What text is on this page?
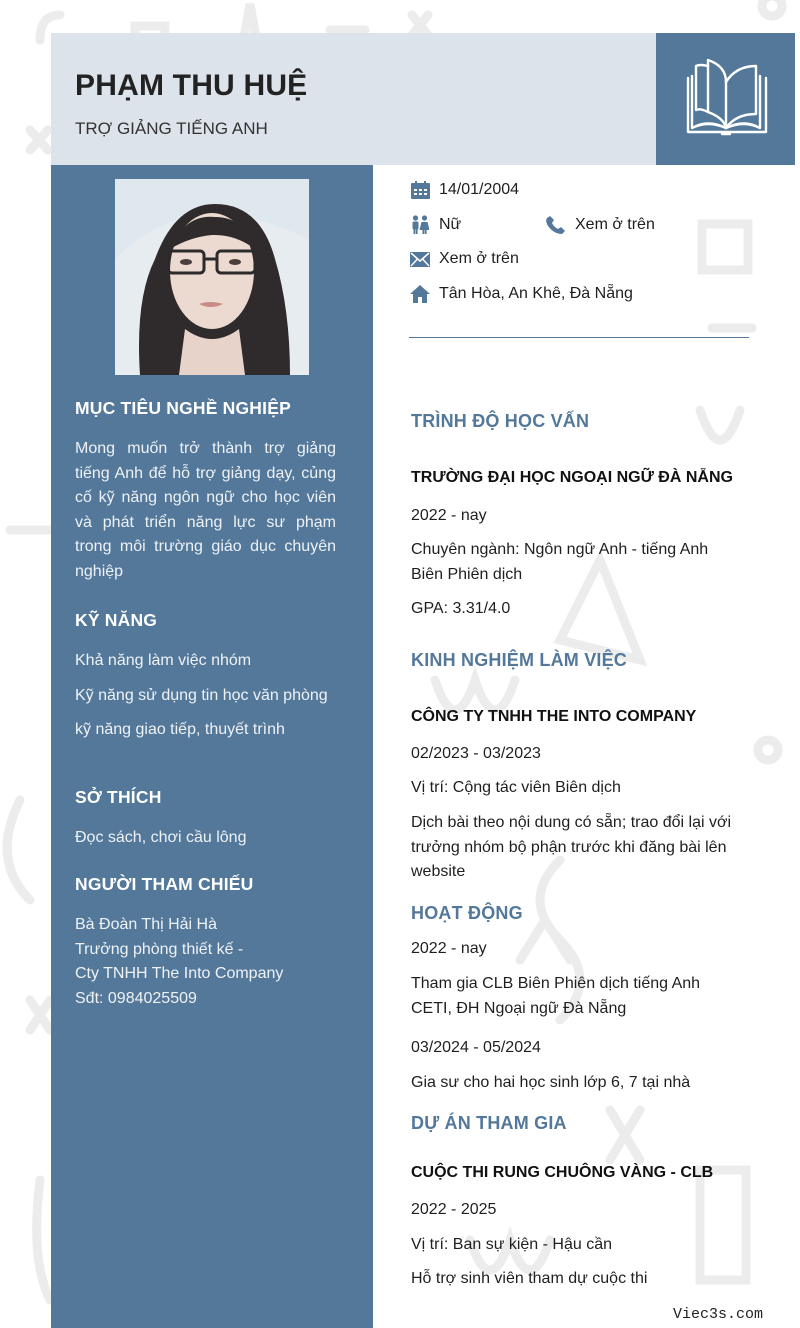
PHẠM THU HUỆ
TRỢ GIẢNG TIẾNG ANH
MỤC TIÊU NGHỀ NGHIỆP
Mong muốn trở thành trợ giảng tiếng Anh để hỗ trợ giảng dạy, củng cố kỹ năng ngôn ngữ cho học viên và phát triển năng lực sư phạm trong môi trường giáo dục chuyên nghiệp
KỸ NĂNG
Khả năng làm việc nhóm
Kỹ năng sử dụng tin học văn phòng
kỹ năng giao tiếp, thuyết trình
SỞ THÍCH
Đọc sách, chơi cầu lông
NGƯỜI THAM CHIẾU
Bà Đoàn Thị Hải Hà
Trưởng phòng thiết kế -
Cty TNHH The Into Company
Sđt: 0984025509
14/01/2004
Nữ	Xem ở trên
Xem ở trên
Tân Hòa, An Khê, Đà Nẵng
TRÌNH ĐỘ HỌC VẤN
TRƯỜNG ĐẠI HỌC NGOẠI NGỮ ĐÀ NẴNG
2022 - nay
Chuyên ngành: Ngôn ngữ Anh - tiếng Anh Biên Phiên dịch
GPA: 3.31/4.0
KINH NGHIỆM LÀM VIỆC
CÔNG TY TNHH THE INTO COMPANY
02/2023 - 03/2023
Vị trí: Cộng tác viên Biên dịch
Dịch bài theo nội dung có sẵn; trao đổi lại với trưởng nhóm bộ phận trước khi đăng bài lên website
HOẠT ĐỘNG
2022 - nay
Tham gia CLB Biên Phiên dịch tiếng Anh CETI, ĐH Ngoại ngữ Đà Nẵng
03/2024 - 05/2024
Gia sư cho hai học sinh lớp 6, 7 tại nhà
DỰ ÁN THAM GIA
CUỘC THI RUNG CHUÔNG VÀNG - CLB
2022 - 2025
Vị trí: Ban sự kiện - Hậu cần
Hỗ trợ sinh viên tham dự cuộc thi
Viec3s.com
